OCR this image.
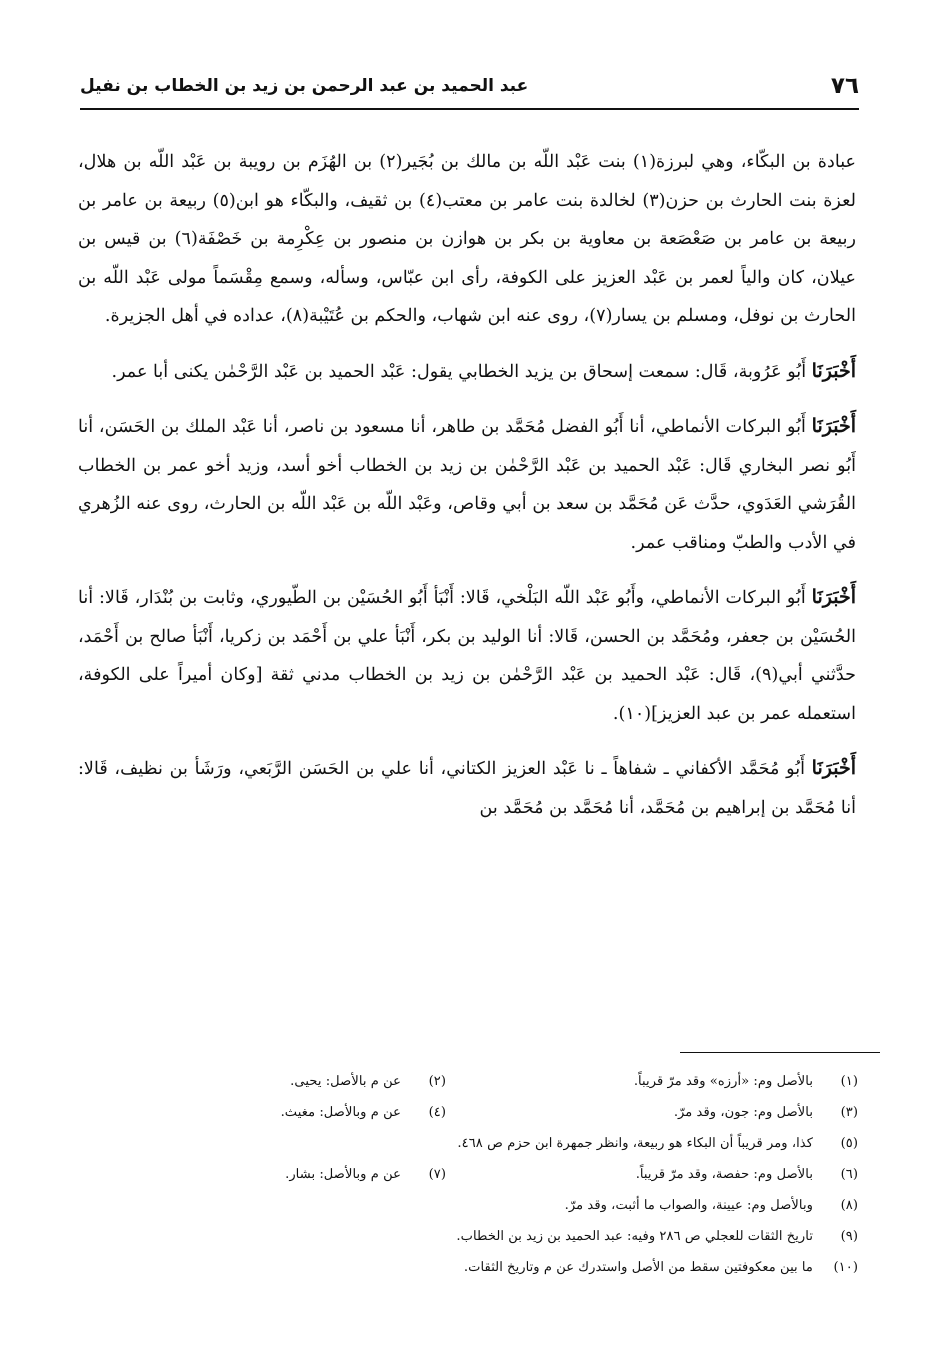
٧٦
عبد الحميد بن عبد الرحمن بن زيد بن الخطاب بن نفيل

عبادة بن البكّاء، وهي لبرزة(١) بنت عَبْد اللّه بن مالك بن بُجَير(٢) بن الهُزَم بن رويبة بن عَبْد اللّه بن هلال، لعزة بنت الحارث بن حزن(٣) لخالدة بنت عامر بن معتب(٤) بن ثقيف، والبكّاء هو ابن(٥) ربيعة بن عامر بن ربيعة بن عامر بن صَعْصَعة بن معاوية بن بكر بن هوازن بن منصور بن عِكْرِمة بن خَصْفَة(٦) بن قيس بن عيلان، كان والياً لعمر بن عَبْد العزيز على الكوفة، رأى ابن عبّاس، وسأله، وسمع مِقْسَماً مولى عَبْد اللّه بن الحارث بن نوفل، ومسلم بن يسار(٧)، روى عنه ابن شهاب، والحكم بن عُتَيْبة(٨)، عداده في أهل الجزيرة.

أَخْبَرَنَا أَبُو عَرُوبة، قَال: سمعت إسحاق بن يزيد الخطابي يقول: عَبْد الحميد بن عَبْد الرَّحْمٰن يكنى أبا عمر.

أَخْبَرَنَا أَبُو البركات الأنماطي، أنا أَبُو الفضل مُحَمَّد بن طاهر، أنا مسعود بن ناصر، أنا عَبْد الملك بن الحَسَن، أنا أَبُو نصر البخاري قَال: عَبْد الحميد بن عَبْد الرَّحْمٰن بن زيد بن الخطاب أخو أسد، وزيد أخو عمر بن الخطاب القُرَشي العَدَوي، حدَّث عَن مُحَمَّد بن سعد بن أبي وقاص، وعَبْد اللّه بن عَبْد اللّه بن الحارث، روى عنه الزُهري في الأدب والطبّ ومناقب عمر.

أَخْبَرَنَا أَبُو البركات الأنماطي، وأَبُو عَبْد اللّه البَلْخي، قَالا: أَنْبَأ أَبُو الحُسَيْن بن الطّيوري، وثابت بن بُنْدَار، قَالا: أنا الحُسَيْن بن جعفر، ومُحَمَّد بن الحسن، قَالا: أنا الوليد بن بكر، أَنْبَأ علي بن أَحْمَد بن زكريا، أَنْبَأ صالح بن أَحْمَد، حدَّثني أبي(٩)، قَال: عَبْد الحميد بن عَبْد الرَّحْمٰن بن زيد بن الخطاب مدني ثقة [وكان أميراً على الكوفة، استعمله عمر بن عبد العزيز](١٠).

أَخْبَرَنَا أَبُو مُحَمَّد الأكفاني ـ شفاهاً ـ نا عَبْد العزيز الكتاني، أنا علي بن الحَسَن الرَّبَعي، ورَشَأ بن نظيف، قَالا: أنا مُحَمَّد بن إبراهيم بن مُحَمَّد، أنا مُحَمَّد بن مُحَمَّد بن

(١)
بالأصل وم: «أرزه» وقد مرّ قريباً.
(٢)
عن م بالأصل: يحيى.
(٣)
بالأصل وم: جون، وقد مرّ.
(٤)
عن م وبالأصل: مغيث.
(٥)
كذا، ومر قريباً أن البكاء هو ربيعة، وانظر جمهرة ابن حزم ص ٤٦٨.
(٦)
بالأصل وم: حفصة، وقد مرّ قريباً.
(٧)
عن م وبالأصل: بشار.
(٨)
وبالأصل وم: عيينة، والصواب ما أثبت، وقد مرّ.
(٩)
تاريخ الثقات للعجلي ص ٢٨٦ وفيه: عبد الحميد بن زيد بن الخطاب.
(١٠)
ما بين معكوفتين سقط من الأصل واستدرك عن م وتاريخ الثقات.
